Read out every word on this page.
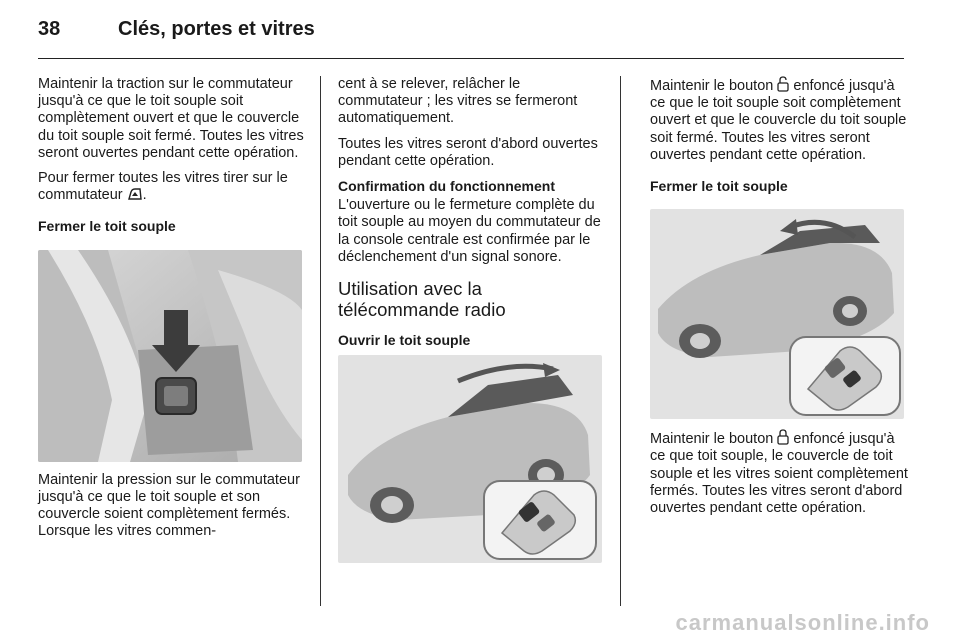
38	Clés, portes et vitres

Maintenir la traction sur le commutateur jusqu'à ce que le toit souple soit complètement ouvert et que le couvercle du toit souple soit fermé. Toutes les vitres seront ouvertes pendant cette opération.

Pour fermer toutes les vitres tirer sur le commutateur .

Fermer le toit souple

Maintenir la pression sur le commutateur jusqu'à ce que le toit souple et son couvercle soient complètement fermés. Lorsque les vitres commen-

cent à se relever, relâcher le commutateur ; les vitres se fermeront automatiquement.

Toutes les vitres seront d'abord ouvertes pendant cette opération.

Confirmation du fonctionnement

L'ouverture ou le fermeture complète du toit souple au moyen du commutateur de la console centrale est confirmée par le déclenchement d'un signal sonore.

Utilisation avec la
télécommande radio
Ouvrir le toit souple

Maintenir le bouton  enfoncé jusqu'à ce que le toit souple soit complètement ouvert et que le couvercle du toit souple soit fermé. Toutes les vitres seront ouvertes pendant cette opération.

Fermer le toit souple

Maintenir le bouton  enfoncé jusqu'à ce que toit souple, le couvercle de toit souple et les vitres soient complètement fermés. Toutes les vitres seront d'abord ouvertes pendant cette opération.

carmanualsonline.info
